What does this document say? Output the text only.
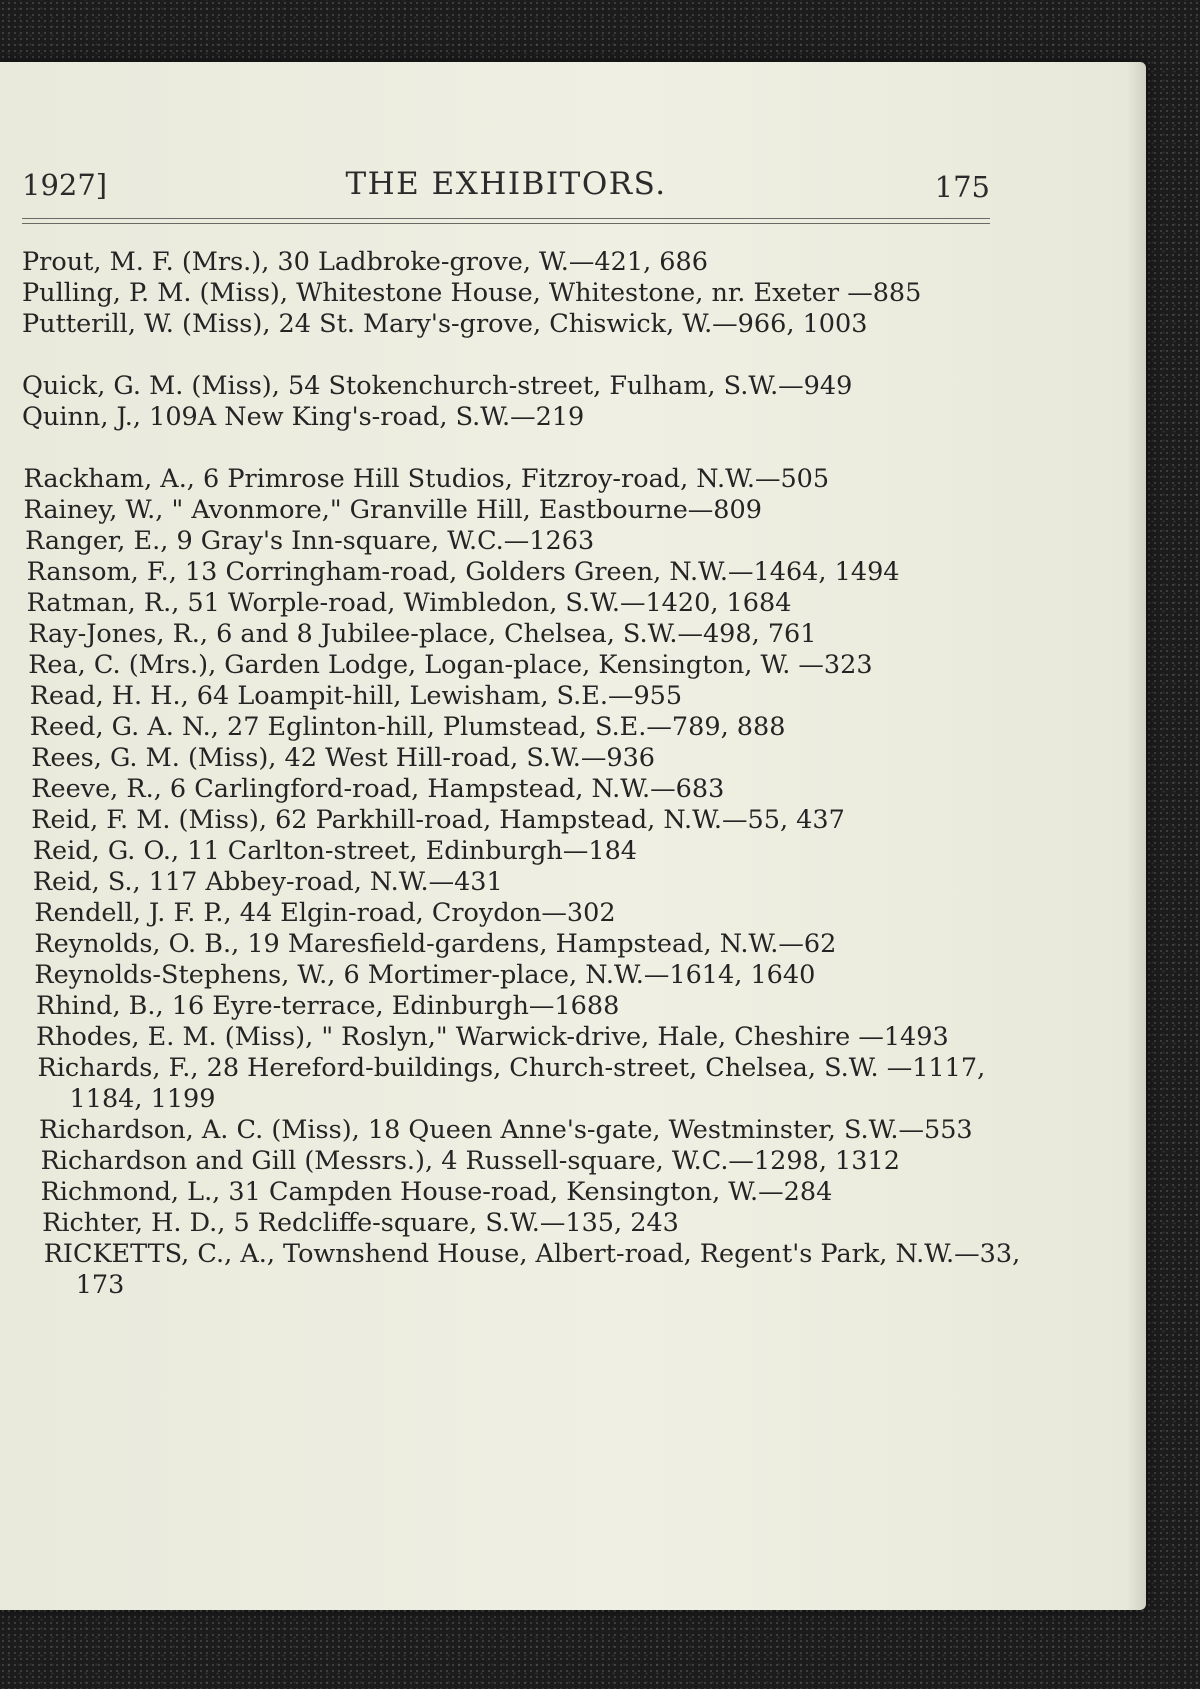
1927]	THE EXHIBITORS.	175
Prout, M. F. (Mrs.), 30 Ladbroke-grove, W.—421, 686
Pulling, P. M. (Miss), Whitestone House, Whitestone, nr. Exeter —885
Putterill, W. (Miss), 24 St. Mary's-grove, Chiswick, W.—966, 1003
Quick, G. M. (Miss), 54 Stokenchurch-street, Fulham, S.W.—949
Quinn, J., 109A New King's-road, S.W.—219
Rackham, A., 6 Primrose Hill Studios, Fitzroy-road, N.W.—505
Rainey, W., " Avonmore," Granville Hill, Eastbourne—809
Ranger, E., 9 Gray's Inn-square, W.C.—1263
Ransom, F., 13 Corringham-road, Golders Green, N.W.—1464, 1494
Ratman, R., 51 Worple-road, Wimbledon, S.W.—1420, 1684
Ray-Jones, R., 6 and 8 Jubilee-place, Chelsea, S.W.—498, 761
Rea, C. (Mrs.), Garden Lodge, Logan-place, Kensington, W. —323
Read, H. H., 64 Loampit-hill, Lewisham, S.E.—955
Reed, G. A. N., 27 Eglinton-hill, Plumstead, S.E.—789, 888
Rees, G. M. (Miss), 42 West Hill-road, S.W.—936
Reeve, R., 6 Carlingford-road, Hampstead, N.W.—683
Reid, F. M. (Miss), 62 Parkhill-road, Hampstead, N.W.—55, 437
Reid, G. O., 11 Carlton-street, Edinburgh—184
Reid, S., 117 Abbey-road, N.W.—431
Rendell, J. F. P., 44 Elgin-road, Croydon—302
Reynolds, O. B., 19 Maresfield-gardens, Hampstead, N.W.—62
Reynolds-Stephens, W., 6 Mortimer-place, N.W.—1614, 1640
Rhind, B., 16 Eyre-terrace, Edinburgh—1688
Rhodes, E. M. (Miss), " Roslyn," Warwick-drive, Hale, Cheshire —1493
Richards, F., 28 Hereford-buildings, Church-street, Chelsea, S.W. —1117, 1184, 1199
Richardson, A. C. (Miss), 18 Queen Anne's-gate, Westminster, S.W.—553
Richardson and Gill (Messrs.), 4 Russell-square, W.C.—1298, 1312
Richmond, L., 31 Campden House-road, Kensington, W.—284
Richter, H. D., 5 Redcliffe-square, S.W.—135, 243
RICKETTS, C., A., Townshend House, Albert-road, Regent's Park, N.W.—33, 173
